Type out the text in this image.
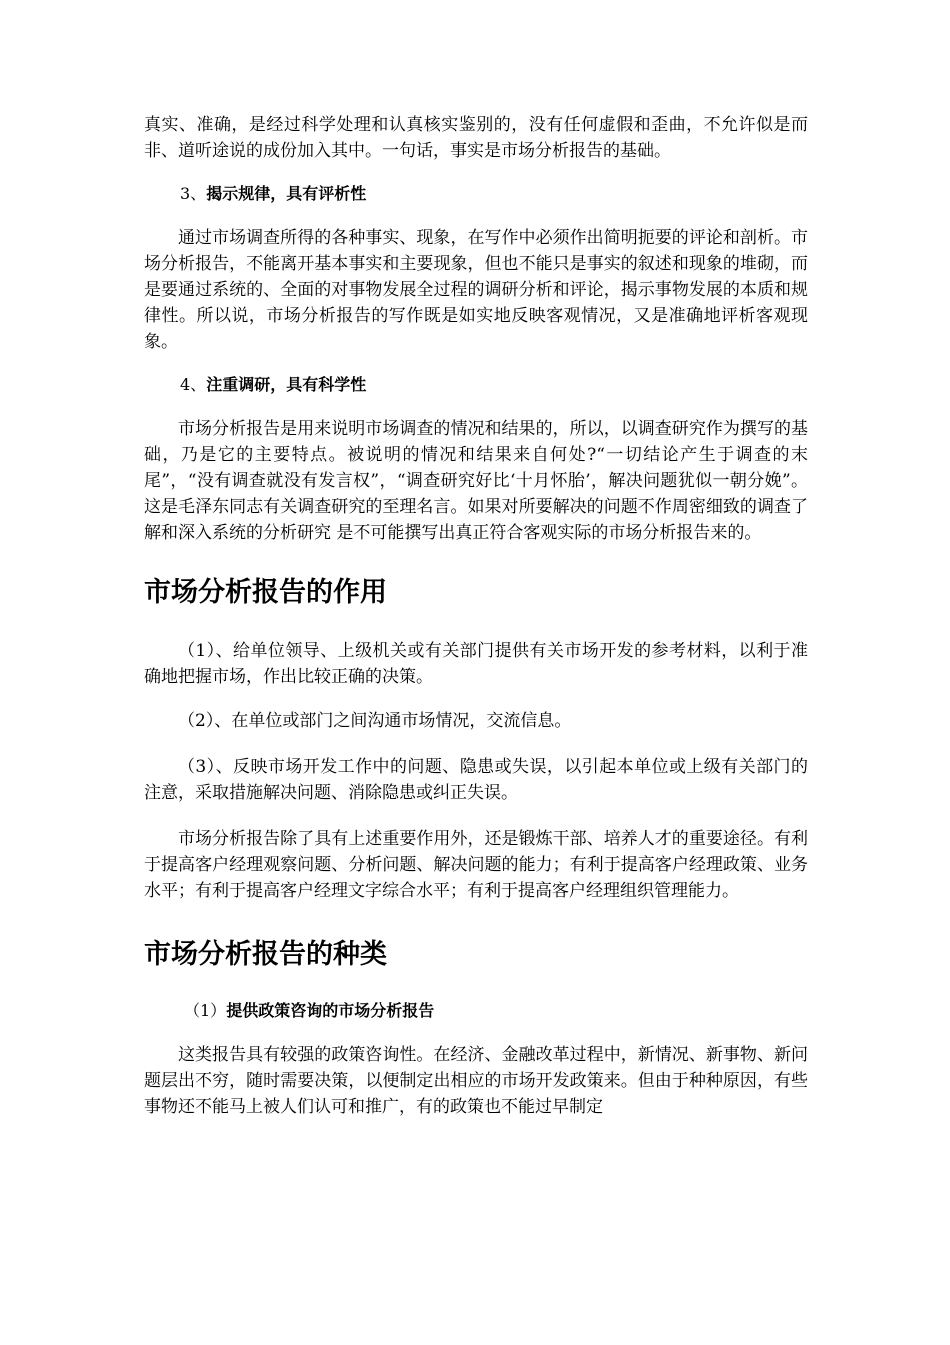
真实、准确，是经过科学处理和认真核实鉴别的，没有任何虚假和歪曲，不允许似是而非、道听途说的成份加入其中。一句话，事实是市场分析报告的基础。

3、揭示规律，具有评析性

通过市场调查所得的各种事实、现象，在写作中必须作出简明扼要的评论和剖析。市场分析报告，不能离开基本事实和主要现象，但也不能只是事实的叙述和现象的堆砌，而是要通过系统的、全面的对事物发展全过程的调研分析和评论，揭示事物发展的本质和规律性。所以说，市场分析报告的写作既是如实地反映客观情况，又是准确地评析客观现象。

4、注重调研，具有科学性

市场分析报告是用来说明市场调查的情况和结果的，所以，以调查研究作为撰写的基础，乃是它的主要特点。被说明的情况和结果来自何处?“一切结论产生于调查的末尾”，“没有调查就没有发言权”，“调查研究好比‘十月怀胎’，解决问题犹似一朝分娩”。这是毛泽东同志有关调查研究的至理名言。如果对所要解决的问题不作周密细致的调查了解和深入系统的分析研究 是不可能撰写出真正符合客观实际的市场分析报告来的。

市场分析报告的作用

（1）、给单位领导、上级机关或有关部门提供有关市场开发的参考材料，以利于准确地把握市场，作出比较正确的决策。

（2）、在单位或部门之间沟通市场情况，交流信息。

（3）、反映市场开发工作中的问题、隐患或失误，以引起本单位或上级有关部门的注意，采取措施解决问题、消除隐患或纠正失误。

市场分析报告除了具有上述重要作用外，还是锻炼干部、培养人才的重要途径。有利于提高客户经理观察问题、分析问题、解决问题的能力；有利于提高客户经理政策、业务水平；有利于提高客户经理文字综合水平；有利于提高客户经理组织管理能力。

市场分析报告的种类
（1）提供政策咨询的市场分析报告

这类报告具有较强的政策咨询性。在经济、金融改革过程中，新情况、新事物、新问题层出不穷，随时需要决策，以便制定出相应的市场开发政策来。但由于种种原因，有些事物还不能马上被人们认可和推广，有的政策也不能过早制定
